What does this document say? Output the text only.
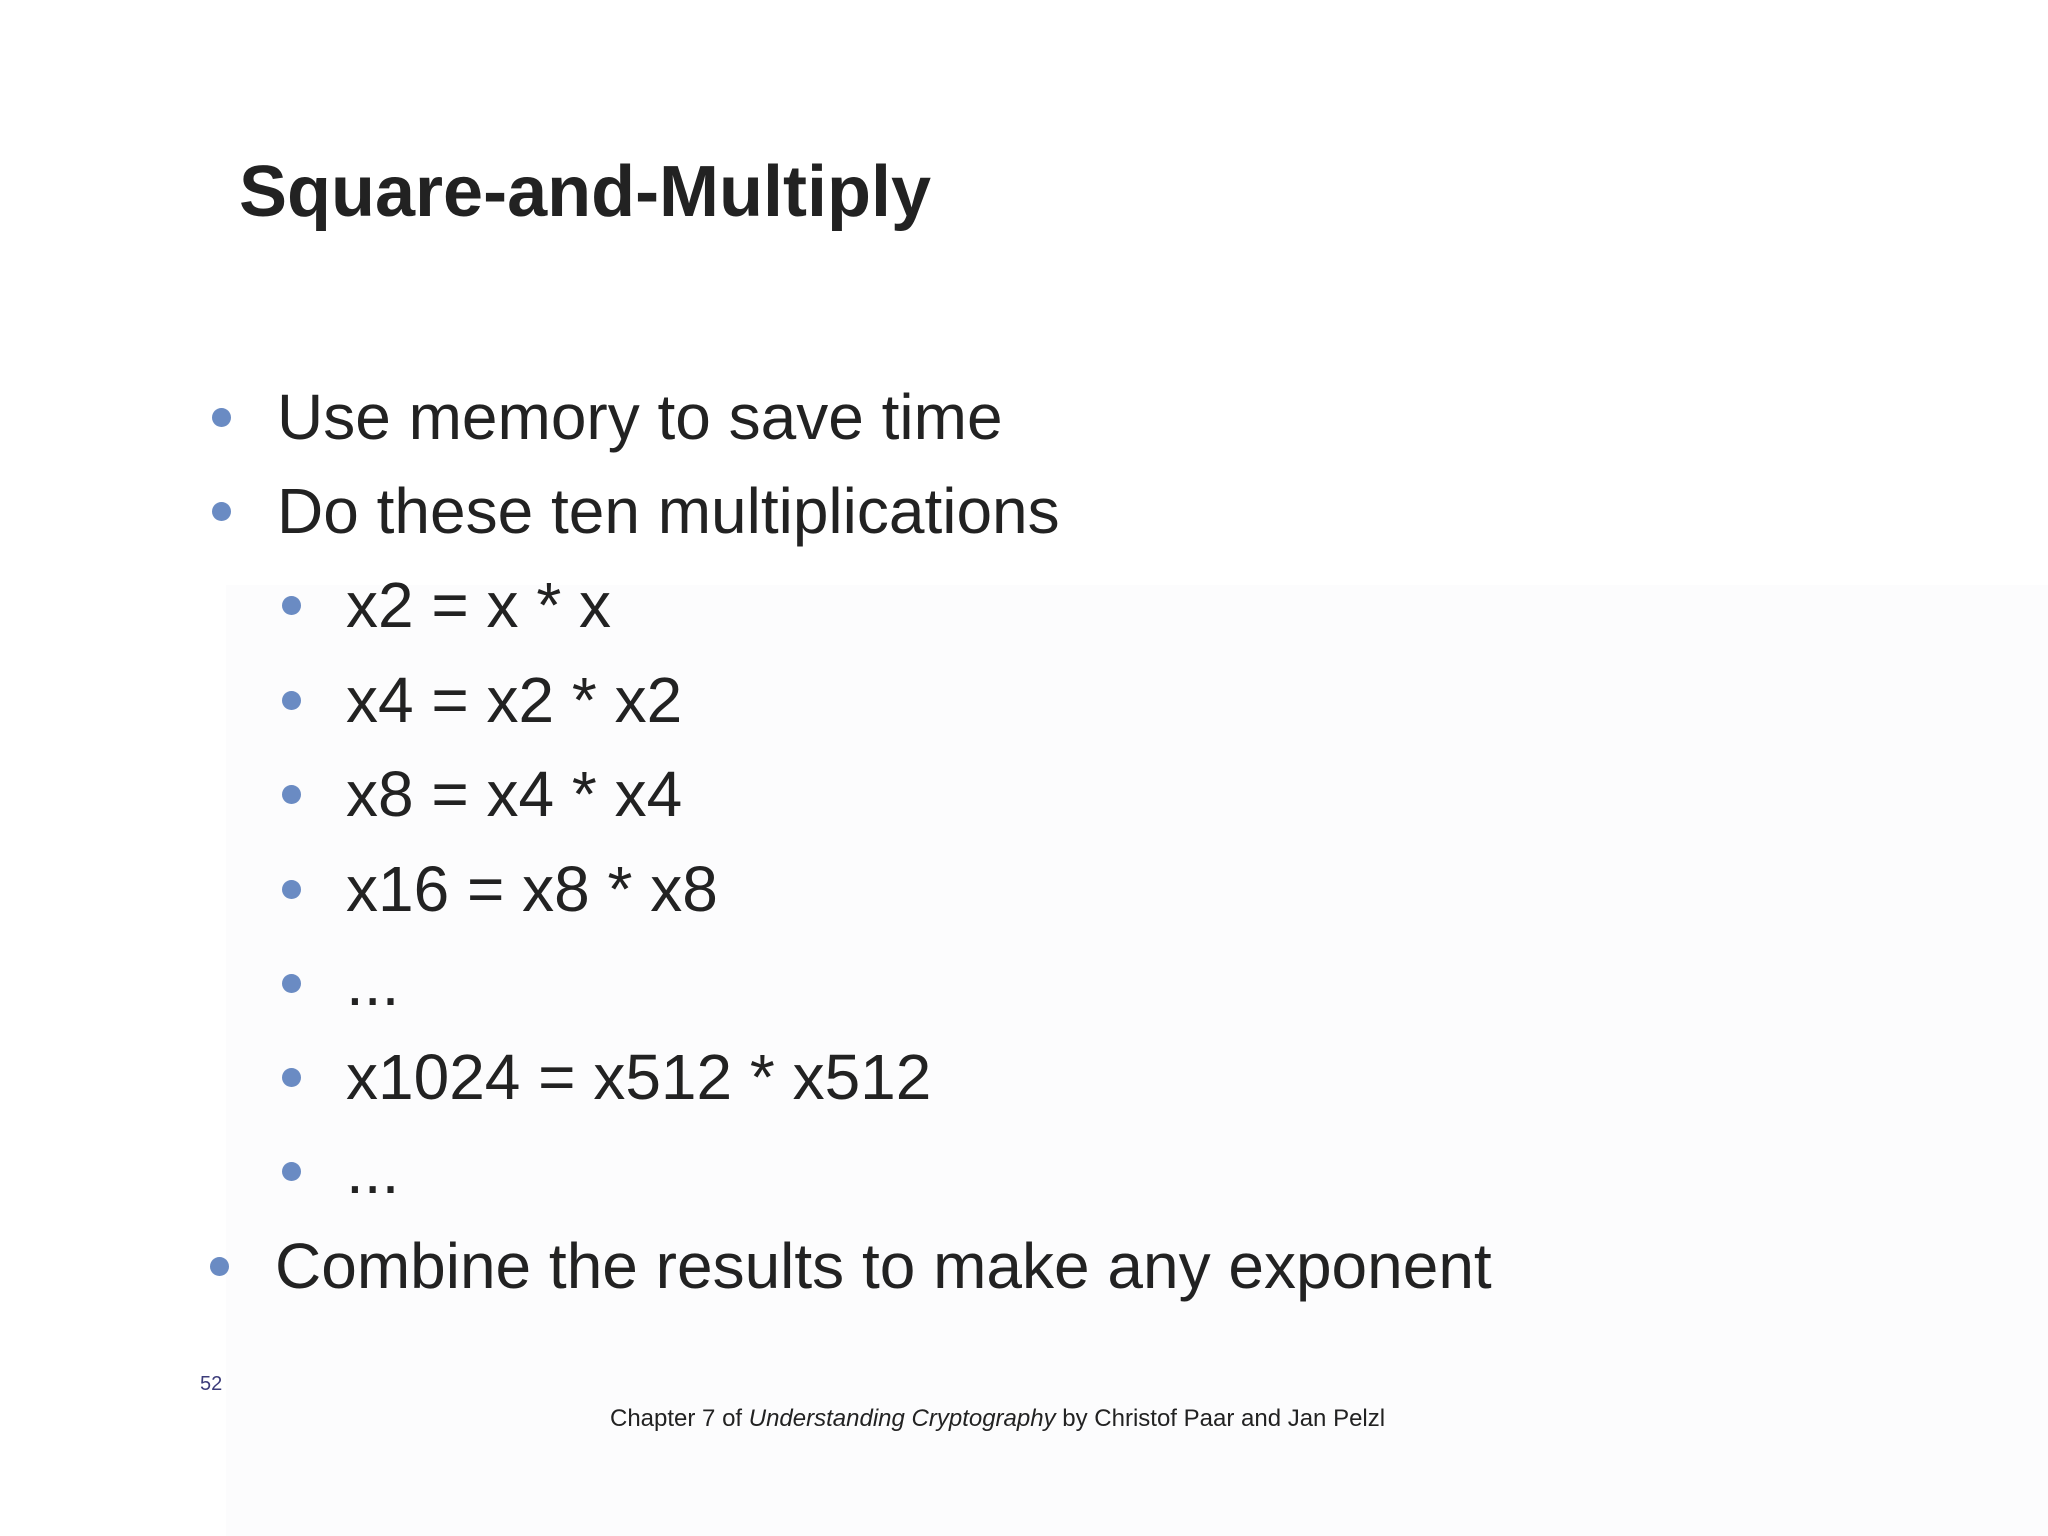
Square-and-Multiply
Use memory to save time
Do these ten multiplications
x2 = x * x
x4 = x2 * x2
x8 = x4 * x4
x16 = x8 * x8
...
x1024 = x512 * x512
...
Combine the results to make any exponent
52
Chapter 7 of Understanding Cryptography by Christof Paar and Jan Pelzl
